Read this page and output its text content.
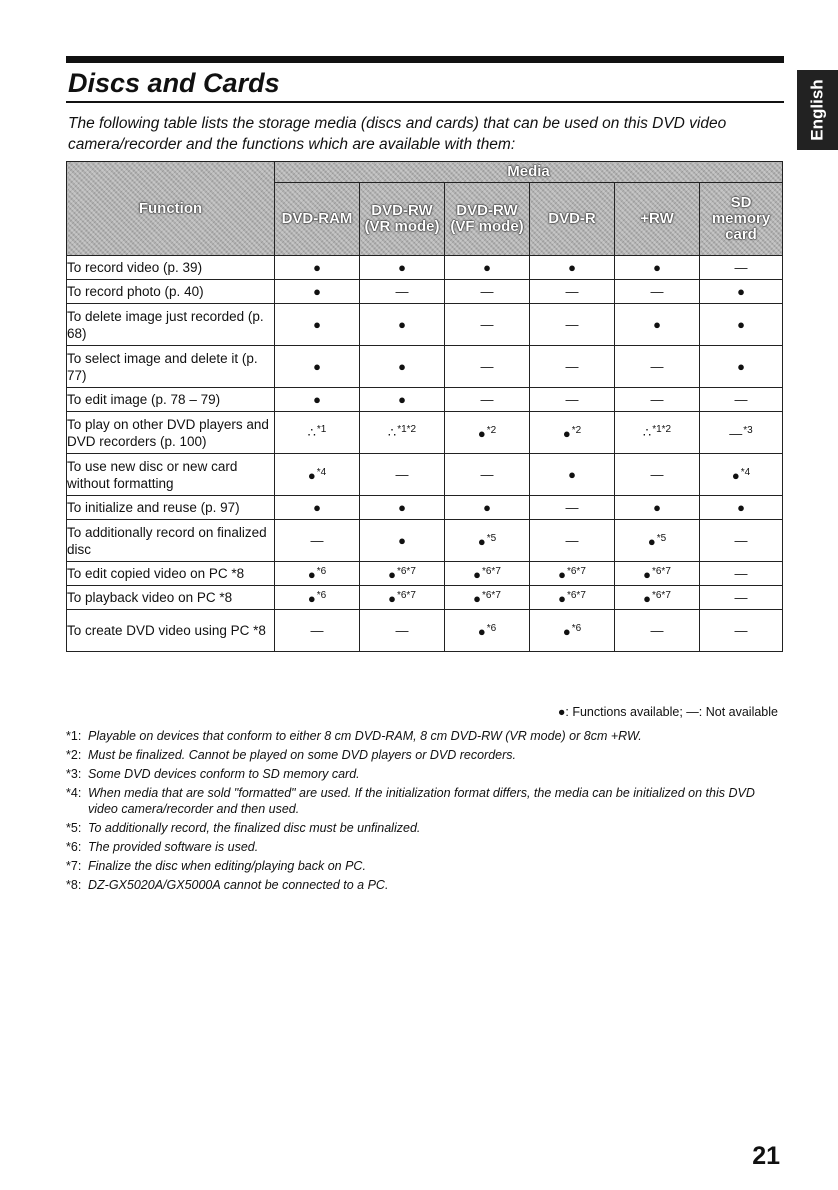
Discs and Cards	English

The following table lists the storage media (discs and cards) that can be used on this DVD video camera/recorder and the functions which are available with them:

Function	Media					
	DVD-RAM	DVD-RW (VR mode)	DVD-RW (VF mode)	DVD-R	+RW	SD memory card
To record video (p. 39)	●	●	●	●	●	—
To record photo (p. 40)	●	—	—	—	—	●
To delete image just recorded (p. 68)	●	●	—	—	●	●
To select image and delete it (p. 77)	●	●	—	—	—	●
To edit image (p. 78 – 79)	●	●	—	—	—	—
To play on other DVD players and DVD recorders (p. 100)	∴$^{*1}$	∴$^{*1*2}$	●$^{*2}$	●$^{*2}$	∴$^{*1*2}$	—$^{*3}$
To use new disc or new card without formatting	●$^{*4}$	—	—	●	—	●$^{*4}$
To initialize and reuse (p. 97)	●	●	●	—	●	●
To additionally record on finalized disc	—	●	●$^{*5}$	—	●$^{*5}$	—
To edit copied video on PC *8	●$^{*6}$	●$^{*6*7}$	●$^{*6*7}$	●$^{*6*7}$	●$^{*6*7}$	—
To playback video on PC *8	●$^{*6}$	●$^{*6*7}$	●$^{*6*7}$	●$^{*6*7}$	●$^{*6*7}$	—
To create DVD video using PC *8	—	—	●$^{*6}$	●$^{*6}$	—	—

●: Functions available; —: Not available

*1: Playable on devices that conform to either 8 cm DVD-RAM, 8 cm DVD-RW (VR mode) or 8cm +RW.
*2: Must be finalized. Cannot be played on some DVD players or DVD recorders.
*3: Some DVD devices conform to SD memory card.
*4: When media that are sold "formatted" are used. If the initialization format differs, the media can be initialized on this DVD video camera/recorder and then used.
*5: To additionally record, the finalized disc must be unfinalized.
*6: The provided software is used.
*7: Finalize the disc when editing/playing back on PC.
*8: DZ-GX5020A/GX5000A cannot be connected to a PC.

21
